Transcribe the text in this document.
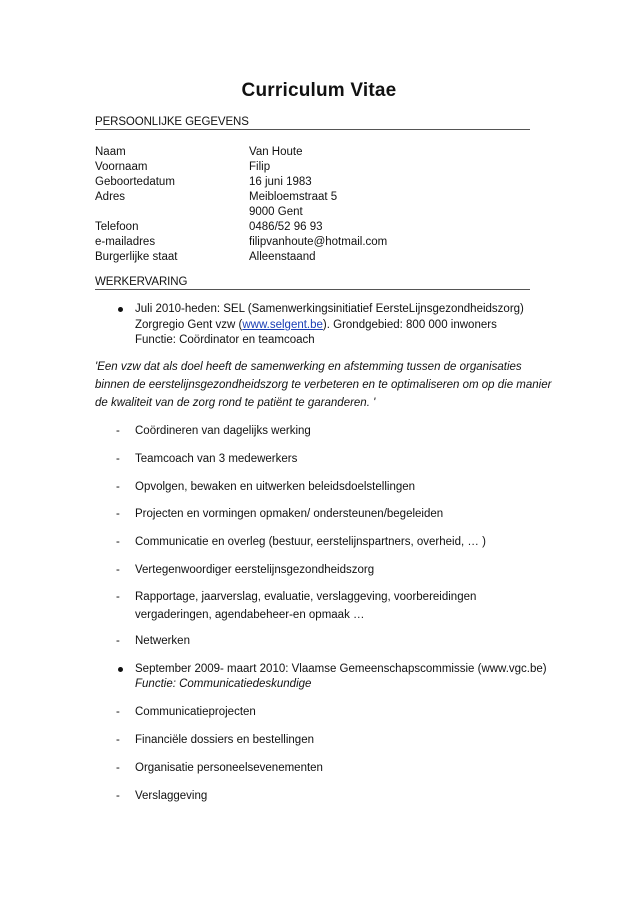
Curriculum Vitae
PERSOONLIJKE GEGEVENS
Naam	Van Houte
Voornaam	Filip
Geboortedatum	16 juni 1983
Adres	Meibloemstraat 5
9000 Gent
Telefoon	0486/52 96 93
e-mailadres	filipvanhoute@hotmail.com
Burgerlijke staat	Alleenstaand
WERKERVARING
Juli 2010-heden: SEL (Samenwerkingsinitiatief EersteLijnsgezondheidszorg)
Zorgregio Gent vzw (www.selgent.be). Grondgebied: 800 000 inwoners
Functie: Coördinator en teamcoach
'Een vzw dat als doel heeft de samenwerking en afstemming tussen de organisaties
binnen de eerstelijnsgezondheidszorg te verbeteren en te optimaliseren om op die manier
de kwaliteit van de zorg rond te patiënt te garanderen. '
- Coördineren van dagelijks werking
- Teamcoach van 3 medewerkers
- Opvolgen, bewaken en uitwerken beleidsdoelstellingen
- Projecten en vormingen opmaken/ ondersteunen/begeleiden
- Communicatie en overleg (bestuur, eerstelijnspartners, overheid, … )
- Vertegenwoordiger eerstelijnsgezondheidszorg
- Rapportage, jaarverslag, evaluatie, verslaggeving, voorbereidingen
vergaderingen, agendabeheer-en opmaak …
- Netwerken
September 2009- maart 2010: Vlaamse Gemeenschapscommissie (www.vgc.be)
Functie: Communicatiedeskundige
- Communicatieprojecten
- Financiële dossiers en bestellingen
- Organisatie personeelsevenementen
- Verslaggeving
